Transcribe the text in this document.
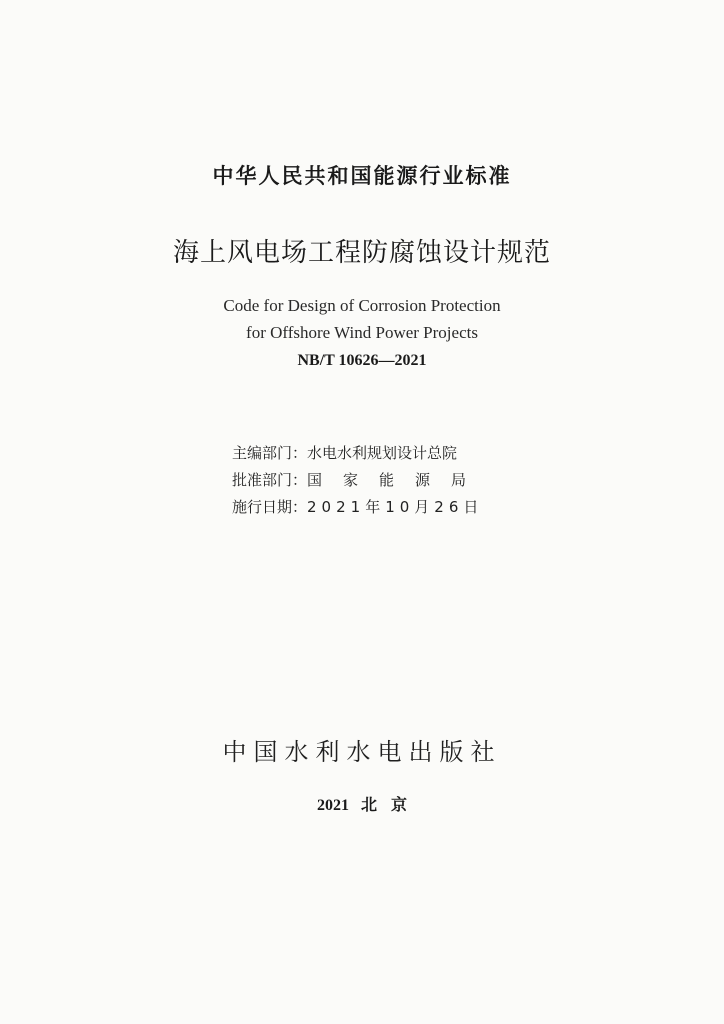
中华人民共和国能源行业标准
海上风电场工程防腐蚀设计规范
Code for Design of Corrosion Protection
for Offshore Wind Power Projects
NB/T 10626—2021
主编部门：水电水利规划设计总院
批准部门：国家能源局
施行日期：2021年10月26日
中国水利水电出版社
2021 北 京
